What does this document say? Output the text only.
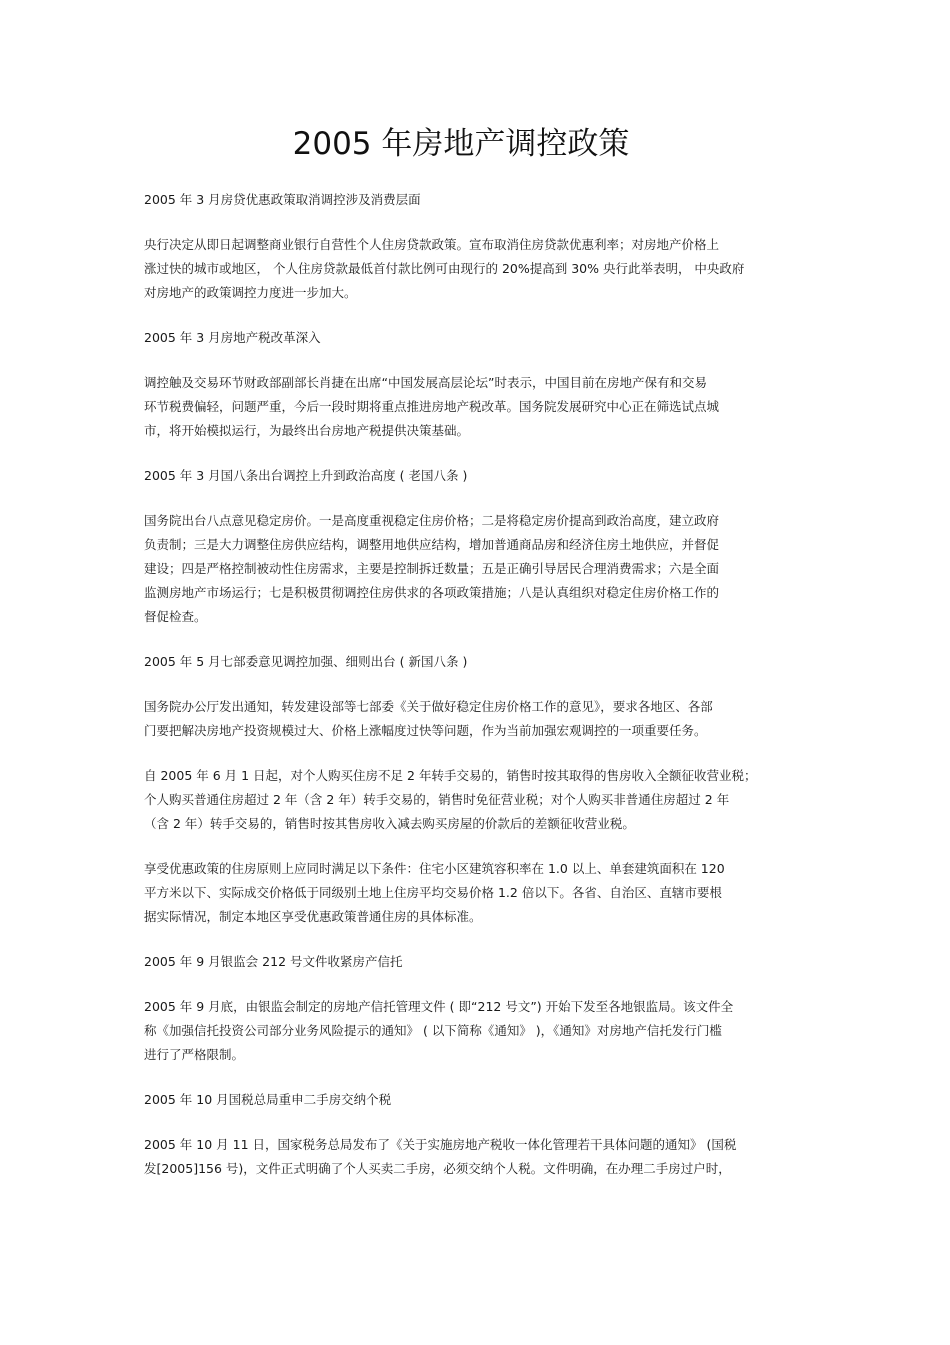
2005 年房地产调控政策

2005 年 3 月房贷优惠政策取消调控涉及消费层面

央行决定从即日起调整商业银行自营性个人住房贷款政策。宣布取消住房贷款优惠利率；对房地产价格上
涨过快的城市或地区， 个人住房贷款最低首付款比例可由现行的 20%提高到 30% 央行此举表明， 中央政府
对房地产的政策调控力度进一步加大。

2005 年 3 月房地产税改革深入

调控触及交易环节财政部副部长肖捷在出席“中国发展高层论坛”时表示，中国目前在房地产保有和交易
环节税费偏轻，问题严重，今后一段时期将重点推进房地产税改革。国务院发展研究中心正在筛选试点城
市，将开始模拟运行，为最终出台房地产税提供决策基础。

2005 年 3 月国八条出台调控上升到政治高度 ( 老国八条 )

国务院出台八点意见稳定房价。一是高度重视稳定住房价格；二是将稳定房价提高到政治高度，建立政府
负责制；三是大力调整住房供应结构，调整用地供应结构，增加普通商品房和经济住房土地供应，并督促
建设；四是严格控制被动性住房需求，主要是控制拆迁数量；五是正确引导居民合理消费需求；六是全面
监测房地产市场运行；七是积极贯彻调控住房供求的各项政策措施；八是认真组织对稳定住房价格工作的
督促检查。

2005 年 5 月七部委意见调控加强、细则出台 ( 新国八条 )

国务院办公厅发出通知，转发建设部等七部委《关于做好稳定住房价格工作的意见》，要求各地区、各部
门要把解决房地产投资规模过大、价格上涨幅度过快等问题，作为当前加强宏观调控的一项重要任务。
自 2005 年 6 月 1 日起，对个人购买住房不足 2 年转手交易的，销售时按其取得的售房收入全额征收营业税；
个人购买普通住房超过 2 年（含 2 年）转手交易的，销售时免征营业税；对个人购买非普通住房超过 2 年
（含 2 年）转手交易的，销售时按其售房收入减去购买房屋的价款后的差额征收营业税。
享受优惠政策的住房原则上应同时满足以下条件：住宅小区建筑容积率在 1.0 以上、单套建筑面积在 120
平方米以下、实际成交价格低于同级别土地上住房平均交易价格 1.2 倍以下。各省、自治区、直辖市要根
据实际情况，制定本地区享受优惠政策普通住房的具体标准。

2005 年 9 月银监会 212 号文件收紧房产信托

2005 年 9 月底，由银监会制定的房地产信托管理文件 ( 即“212 号文”) 开始下发至各地银监局。该文件全
称《加强信托投资公司部分业务风险提示的通知》 ( 以下简称《通知》 )，《通知》对房地产信托发行门槛
进行了严格限制。

2005 年 10 月国税总局重申二手房交纳个税

2005 年 10 月 11 日，国家税务总局发布了《关于实施房地产税收一体化管理若干具体问题的通知》 (国税
发[2005]156 号)，文件正式明确了个人买卖二手房，必须交纳个人税。文件明确，在办理二手房过户时，
